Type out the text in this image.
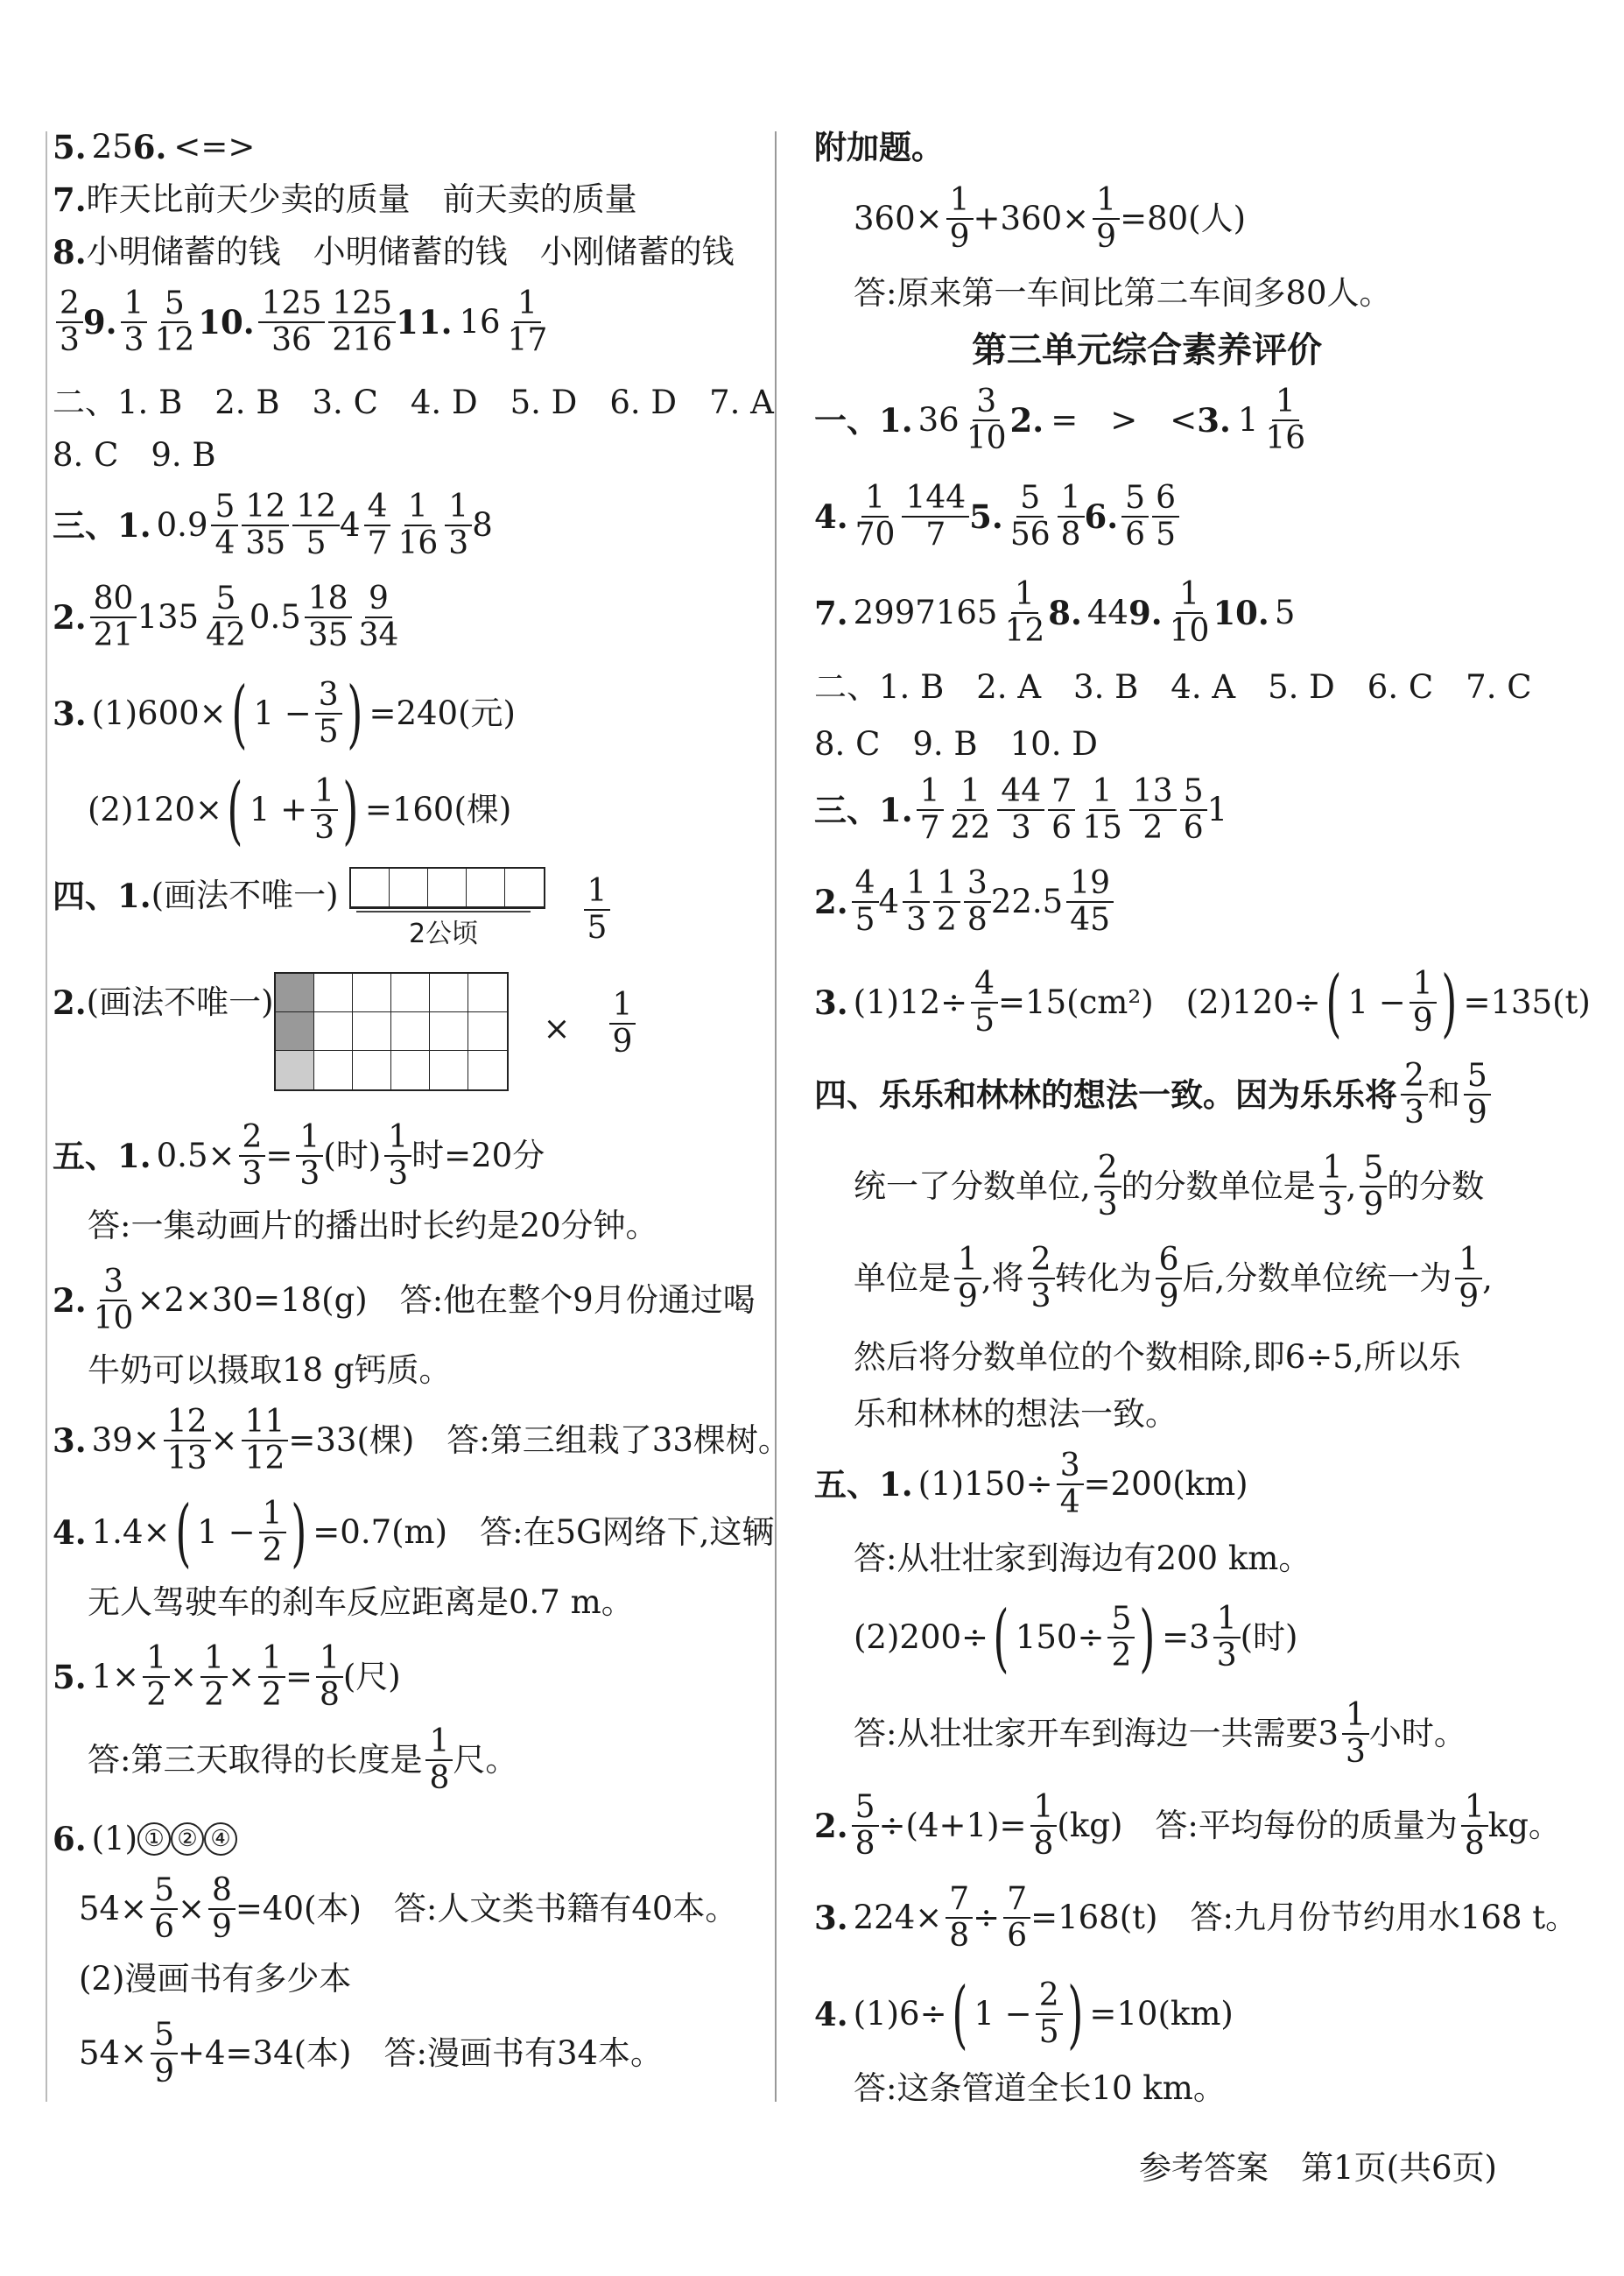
5. 25 6. < = >
7. 昨天比前天少卖的质量　前天卖的质量
8. 小明储蓄的钱　小明储蓄的钱　小刚储蓄的钱
$\frac{2}{3} 9$. $\frac{1}{3} \frac{5}{12} 10$. $\frac{125}{36} \frac{125}{216} 11$. $16 \frac{1}{17}$
二、1. B　2. B　3. C　4. D　5. D　6. D　7. A
8. C　9. B
三、1. $0.9 \frac{5}{4} \frac{12}{35} \frac{12}{5} 4 \frac{4}{7} \frac{1}{16} \frac{1}{3} 8$
2. $\frac{80}{21} 13$ $5 \frac{5}{42} 0.5 \frac{18}{35} \frac{9}{34}$
3. (1)600× ( $1 - \frac{3}{5}$ ) =240(元)
(2)120× ( $1 + \frac{1}{3}$ ) =160(棵)
四、1. (画法不唯一)
2公顷	$\frac{1}{5}$
2. (画法不唯一)
× $\frac{1}{9}$
五、1. $0.5\times \frac{2}{3} = \frac{1}{3}$ (时) $\frac{1}{3}$ 时=20分
答:一集动画片的播出时长约是20分钟。
2. $\frac{3}{10} \times 2\times 30=18(g)$　答:他在整个9月份通过喝
牛奶可以摄取18 g钙质。
3. $39\times \frac{12}{13} \times \frac{11}{12} =33$(棵)　答:第三组栽了33棵树。
4. 1.4× ( $1 - \frac{1}{2}$ ) =0.7(m)　答:在5G网络下,这辆
无人驾驶车的刹车反应距离是0.7 m。
5. $1\times \frac{1}{2} \times \frac{1}{2} \times \frac{1}{2} = \frac{1}{8}$ (尺)
答:第三天取得的长度是 $\frac{1}{8}$ 尺。
6. (1) ① ② ④
$54\times \frac{5}{6} \times \frac{8}{9} =40$(本)　答:人文类书籍有40本。
(2)漫画书有多少本
$54\times \frac{5}{9} +4=34$(本)　答:漫画书有34本。
附加题。
$360\times \frac{1}{9} +360\times \frac{1}{9} =80$(人)
答:原来第一车间比第二车间多80人。
第三单元综合素养评价
一、1. $36 \frac{3}{10} 2$. =　>　< 3. $1 \frac{1}{16}$
4. $\frac{1}{70} \frac{144}{7} 5$. $\frac{5}{56} \frac{1}{8} 6$. $\frac{5}{6} \frac{6}{5}$
7. 2997 $165 \frac{1}{12} 8$. 44 9. $\frac{1}{10} 10$. 5
二、1. B　2. A　3. B　4. A　5. D　6. C　7. C
8. C　9. B　10. D
三、1. $\frac{1}{7} \frac{1}{22} \frac{44}{3} \frac{7}{6} \frac{1}{15} \frac{13}{2} \frac{5}{6} 1$
2. $\frac{4}{5} 4 \frac{1}{3} \frac{1}{2} \frac{3}{8} 22.5 \frac{19}{45}$
3. $(1)12\div \frac{4}{5} =15(cm^2)$　(2)120÷ ( $1 - \frac{1}{9}$ ) =135(t)
四、乐乐和林林的想法一致。因为乐乐将 $\frac{2}{3}$ 和 $\frac{5}{9}$
统一了分数单位, $\frac{2}{3}$ 的分数单位是 $\frac{1}{3}$ , $\frac{5}{9}$ 的分数
单位是 $\frac{1}{9}$ ,将 $\frac{2}{3}$ 转化为 $\frac{6}{9}$ 后,分数单位统一为 $\frac{1}{9}$ ,
然后将分数单位的个数相除,即6÷5,所以乐
乐和林林的想法一致。
五、1. $(1)150\div \frac{3}{4} =200(km)$
答:从壮壮家到海边有200 km。
(2)200÷ ( $150\div \frac{5}{2}$ ) $=3 \frac{1}{3}$ (时)
答:从壮壮家开车到海边一共需要$3 \frac{1}{3}$ 小时。
2. $\frac{5}{8} \div(4+1)= \frac{1}{8} (kg)$　答:平均每份的质量为 $\frac{1}{8}$ kg。
3. $224\times \frac{7}{8} \div \frac{7}{6} =168(t)$　答:九月份节约用水168 t。
4. (1)6÷ ( $1 - \frac{2}{5}$ ) =10(km)
答:这条管道全长10 km。
参考答案　第1页(共6页)
